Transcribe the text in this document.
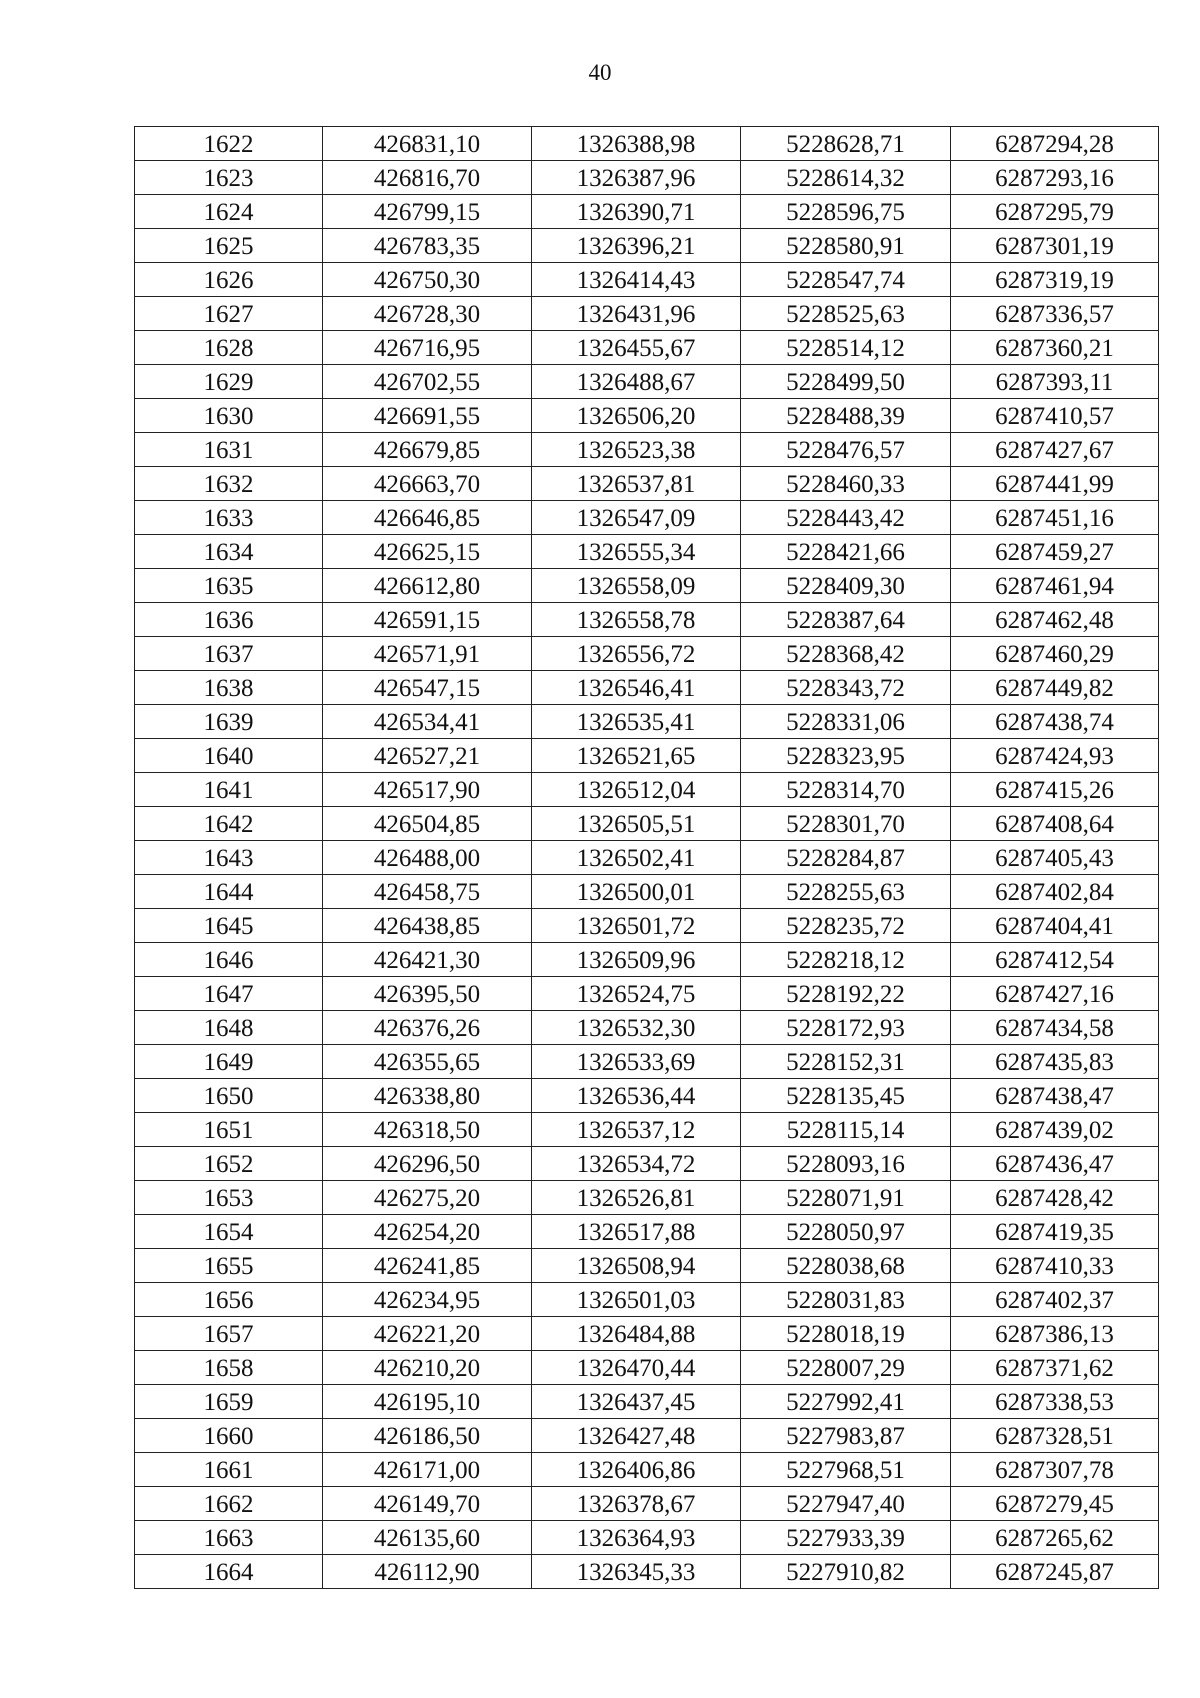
40
1622	426831,10	1326388,98	5228628,71	6287294,28
1623	426816,70	1326387,96	5228614,32	6287293,16
1624	426799,15	1326390,71	5228596,75	6287295,79
1625	426783,35	1326396,21	5228580,91	6287301,19
1626	426750,30	1326414,43	5228547,74	6287319,19
1627	426728,30	1326431,96	5228525,63	6287336,57
1628	426716,95	1326455,67	5228514,12	6287360,21
1629	426702,55	1326488,67	5228499,50	6287393,11
1630	426691,55	1326506,20	5228488,39	6287410,57
1631	426679,85	1326523,38	5228476,57	6287427,67
1632	426663,70	1326537,81	5228460,33	6287441,99
1633	426646,85	1326547,09	5228443,42	6287451,16
1634	426625,15	1326555,34	5228421,66	6287459,27
1635	426612,80	1326558,09	5228409,30	6287461,94
1636	426591,15	1326558,78	5228387,64	6287462,48
1637	426571,91	1326556,72	5228368,42	6287460,29
1638	426547,15	1326546,41	5228343,72	6287449,82
1639	426534,41	1326535,41	5228331,06	6287438,74
1640	426527,21	1326521,65	5228323,95	6287424,93
1641	426517,90	1326512,04	5228314,70	6287415,26
1642	426504,85	1326505,51	5228301,70	6287408,64
1643	426488,00	1326502,41	5228284,87	6287405,43
1644	426458,75	1326500,01	5228255,63	6287402,84
1645	426438,85	1326501,72	5228235,72	6287404,41
1646	426421,30	1326509,96	5228218,12	6287412,54
1647	426395,50	1326524,75	5228192,22	6287427,16
1648	426376,26	1326532,30	5228172,93	6287434,58
1649	426355,65	1326533,69	5228152,31	6287435,83
1650	426338,80	1326536,44	5228135,45	6287438,47
1651	426318,50	1326537,12	5228115,14	6287439,02
1652	426296,50	1326534,72	5228093,16	6287436,47
1653	426275,20	1326526,81	5228071,91	6287428,42
1654	426254,20	1326517,88	5228050,97	6287419,35
1655	426241,85	1326508,94	5228038,68	6287410,33
1656	426234,95	1326501,03	5228031,83	6287402,37
1657	426221,20	1326484,88	5228018,19	6287386,13
1658	426210,20	1326470,44	5228007,29	6287371,62
1659	426195,10	1326437,45	5227992,41	6287338,53
1660	426186,50	1326427,48	5227983,87	6287328,51
1661	426171,00	1326406,86	5227968,51	6287307,78
1662	426149,70	1326378,67	5227947,40	6287279,45
1663	426135,60	1326364,93	5227933,39	6287265,62
1664	426112,90	1326345,33	5227910,82	6287245,87
